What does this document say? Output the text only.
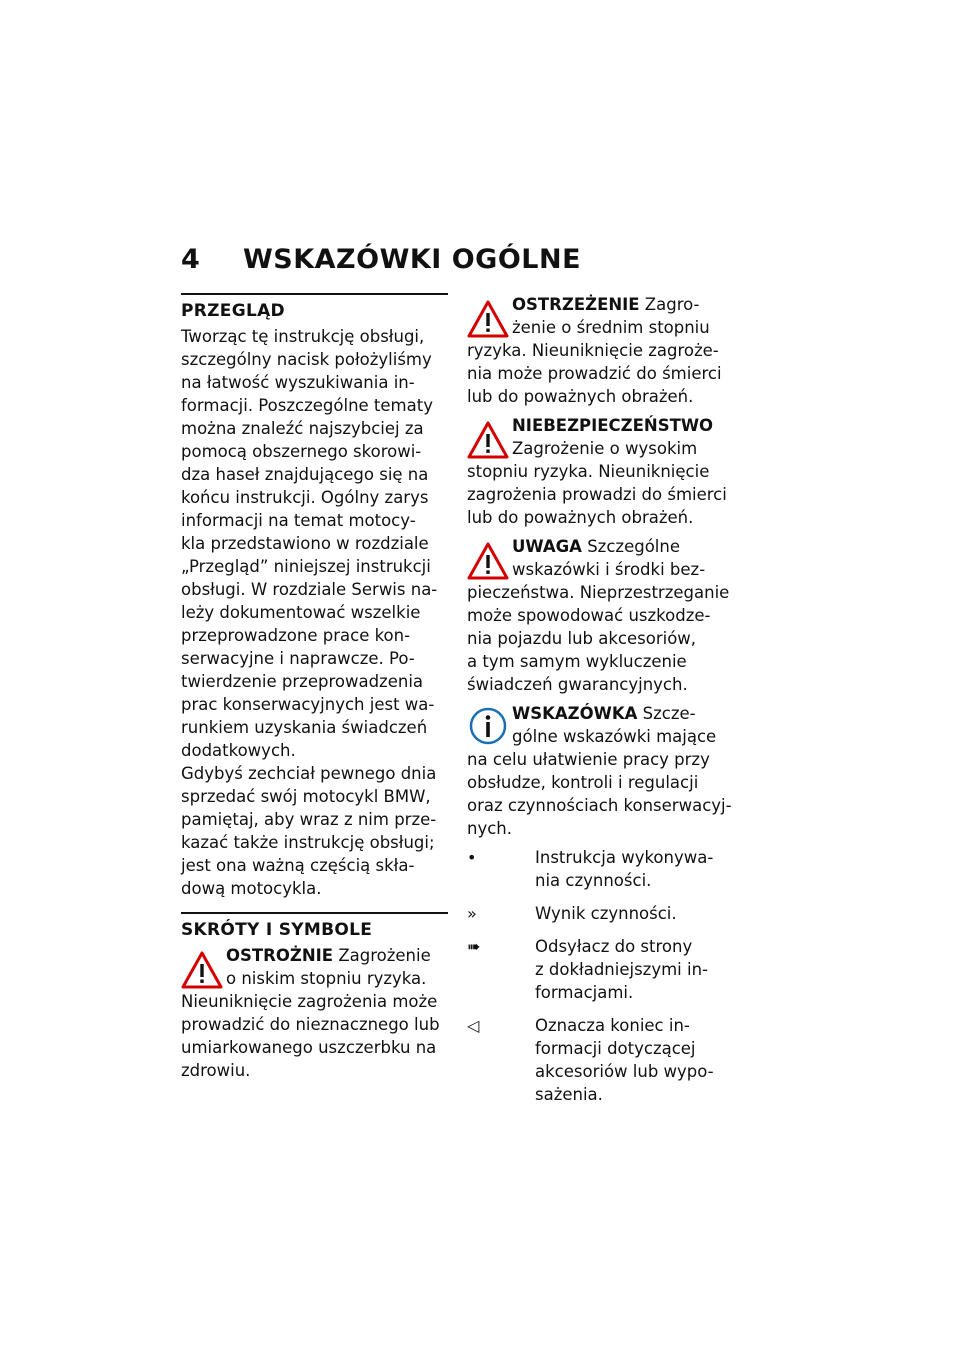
4 WSKAZÓWKI OGÓLNE
PRZEGLĄD

Tworząc tę instrukcję obsługi,
szczególny nacisk położyliśmy
na łatwość wyszukiwania in-
formacji. Poszczególne tematy
można znaleźć najszybciej za
pomocą obszernego skorowi-
dza haseł znajdującego się na
końcu instrukcji. Ogólny zarys
informacji na temat motocy-
kla przedstawiono w rozdziale
„Przegląd” niniejszej instrukcji
obsługi. W rozdziale Serwis na-
leży dokumentować wszelkie
przeprowadzone prace kon-
serwacyjne i naprawcze. Po-
twierdzenie przeprowadzenia
prac konserwacyjnych jest wa-
runkiem uzyskania świadczeń
dodatkowych.

Gdybyś zechciał pewnego dnia
sprzedać swój motocykl BMW,
pamiętaj, aby wraz z nim prze-
kazać także instrukcję obsługi;
jest ona ważną częścią skła-
dową motocykla.

SKRÓTY I SYMBOLE

OSTROŻNIE Zagrożenie
o niskim stopniu ryzyka.
Nieuniknięcie zagrożenia może
prowadzić do nieznacznego lub
umiarkowanego uszczerbku na
zdrowiu.

OSTRZEŻENIE Zagro-
żenie o średnim stopniu
ryzyka. Nieuniknięcie zagroże-
nia może prowadzić do śmierci
lub do poważnych obrażeń.

NIEBEZPIECZEŃSTWO
Zagrożenie o wysokim
stopniu ryzyka. Nieuniknięcie
zagrożenia prowadzi do śmierci
lub do poważnych obrażeń.

UWAGA Szczególne
wskazówki i środki bez-
pieczeństwa. Nieprzestrzeganie
może spowodować uszkodze-
nia pojazdu lub akcesoriów,
a tym samym wykluczenie
świadczeń gwarancyjnych.

WSKAZÓWKA Szcze-
gólne wskazówki mające
na celu ułatwienie pracy przy
obsłudze, kontroli i regulacji
oraz czynnościach konserwacyj-
nych.

•	Instrukcja wykonywa-
nia czynności.
»	Wynik czynności.
➠	Odsyłacz do strony
z dokładniejszymi in-
formacjami.
◁	Oznacza koniec in-
formacji dotyczącej
akcesoriów lub wypo-
sażenia.
